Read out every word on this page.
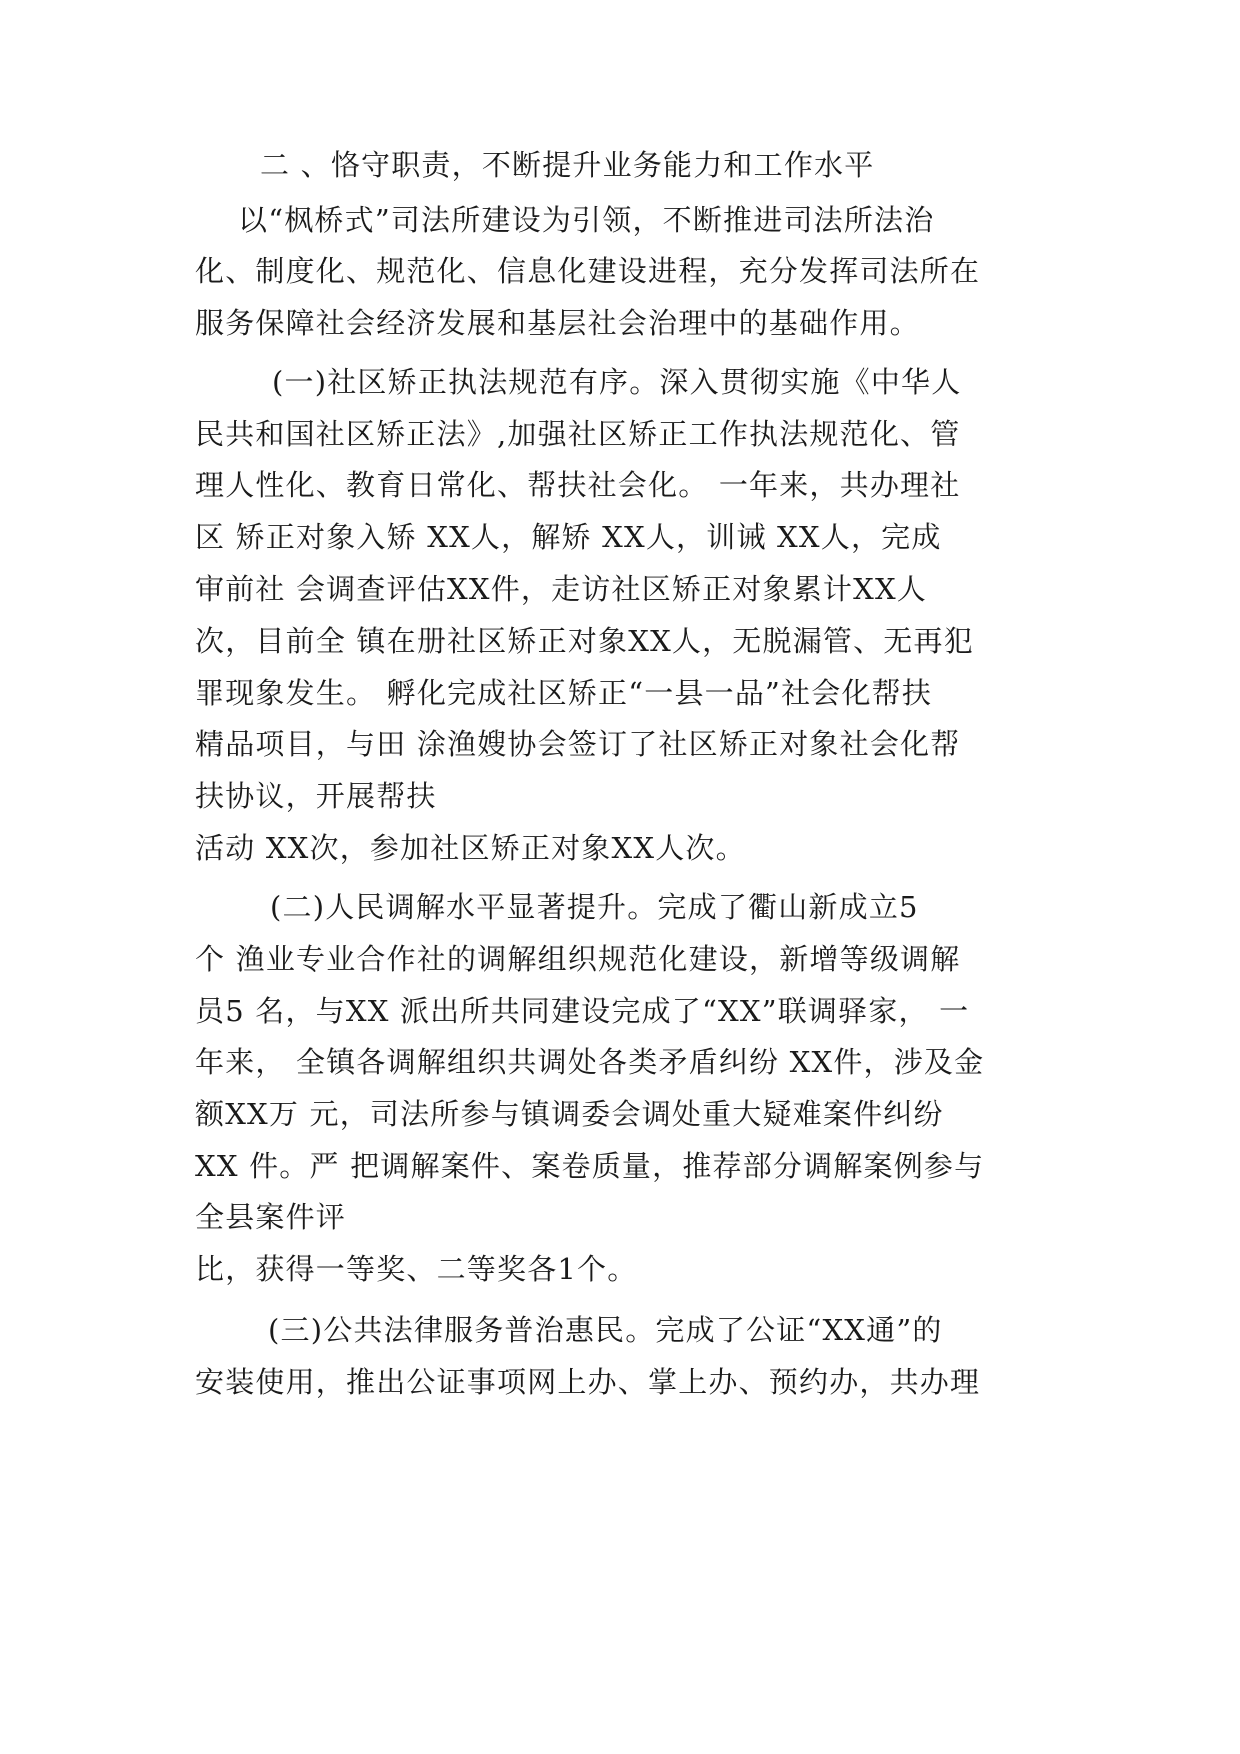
二 、恪守职责，不断提升业务能力和工作水平
以“枫桥式”司法所建设为引领，不断推进司法所法治
化、制度化、规范化、信息化建设进程，充分发挥司法所在
服务保障社会经济发展和基层社会治理中的基础作用。
(一)社区矫正执法规范有序。深入贯彻实施《中华人
民共和国社区矫正法》,加强社区矫正工作执法规范化、管
理人性化、教育日常化、帮扶社会化。 一年来，共办理社
区 矫正对象入矫 XX人，解矫 XX人，训诫 XX人，完成
审前社 会调查评估XX件，走访社区矫正对象累计XX人
次，目前全 镇在册社区矫正对象XX人，无脱漏管、无再犯
罪现象发生。 孵化完成社区矫正“一县一品”社会化帮扶
精品项目，与田 涂渔嫂协会签订了社区矫正对象社会化帮
扶协议，开展帮扶
活动 XX次，参加社区矫正对象XX人次。
(二)人民调解水平显著提升。完成了衢山新成立5
个 渔业专业合作社的调解组织规范化建设，新增等级调解
员5 名，与XX 派出所共同建设完成了“XX”联调驿家， 一
年来， 全镇各调解组织共调处各类矛盾纠纷 XX件，涉及金
额XX万 元，司法所参与镇调委会调处重大疑难案件纠纷
XX 件。严 把调解案件、案卷质量，推荐部分调解案例参与
全县案件评
比，获得一等奖、二等奖各1个。
(三)公共法律服务普治惠民。完成了公证“XX通”的
安装使用，推出公证事项网上办、掌上办、预约办，共办理
